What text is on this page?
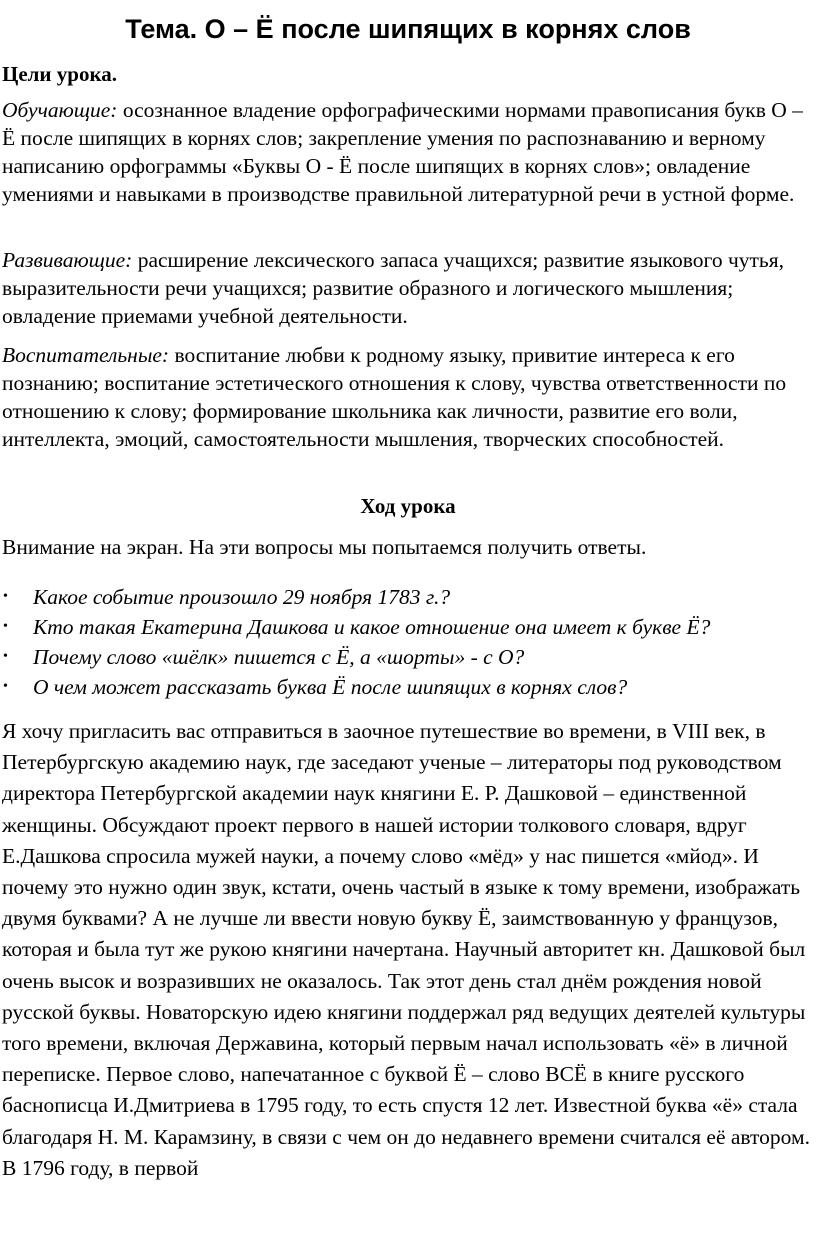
Тема. О – Ё после шипящих в корнях слов
Цели урока.

Обучающие: осознанное владение орфографическими нормами правописания букв О – Ё после шипящих в корнях слов; закрепление умения по распознаванию и верному написанию орфограммы «Буквы О - Ё после шипящих в корнях слов»; овладение умениями и навыками в производстве правильной литературной речи в устной форме.

Развивающие: расширение лексического запаса учащихся; развитие языкового чутья, выразительности речи учащихся; развитие образного и логического мышления; овладение приемами учебной деятельности.

Воспитательные: воспитание любви к родному языку, привитие интереса к его познанию; воспитание эстетического отношения к слову, чувства ответственности по отношению к слову; формирование школьника как личности, развитие его воли, интеллекта, эмоций, самостоятельности мышления, творческих способностей.

Ход урока

Внимание на экран. На эти вопросы мы попытаемся получить ответы.

• Какое событие произошло 29 ноября 1783 г.?
• Кто такая Екатерина Дашкова и какое отношение она имеет к букве Ё?
• Почему слово «шёлк» пишется с Ё, а «шорты» - с О?
• О чем может рассказать буква Ё после шипящих в корнях слов?

Я хочу пригласить вас отправиться в заочное путешествие во времени, в VIII век, в Петербургскую академию наук, где заседают ученые – литераторы под руководством директора Петербургской академии наук княгини Е. Р. Дашковой – единственной женщины. Обсуждают проект первого в нашей истории толкового словаря, вдруг Е.Дашкова спросила мужей науки, а почему слово «мёд» у нас пишется «мйод». И почему это нужно один звук, кстати, очень частый в языке к тому времени, изображать двумя буквами? А не лучше ли ввести новую букву Ё, заимствованную у французов, которая и была тут же рукою княгини начертана. Научный авторитет кн. Дашковой был очень высок и возразивших не оказалось. Так этот день стал днём рождения новой русской буквы. Новаторскую идею княгини поддержал ряд ведущих деятелей культуры того времени, включая Державина, который первым начал использовать «ё» в личной переписке. Первое слово, напечатанное с буквой Ё – слово ВСЁ в книге русского баснописца И.Дмитриева в 1795 году, то есть спустя 12 лет. Известной буква «ё» стала благодаря Н. М. Карамзину, в связи с чем он до недавнего времени считался её автором. В 1796 году, в первой
